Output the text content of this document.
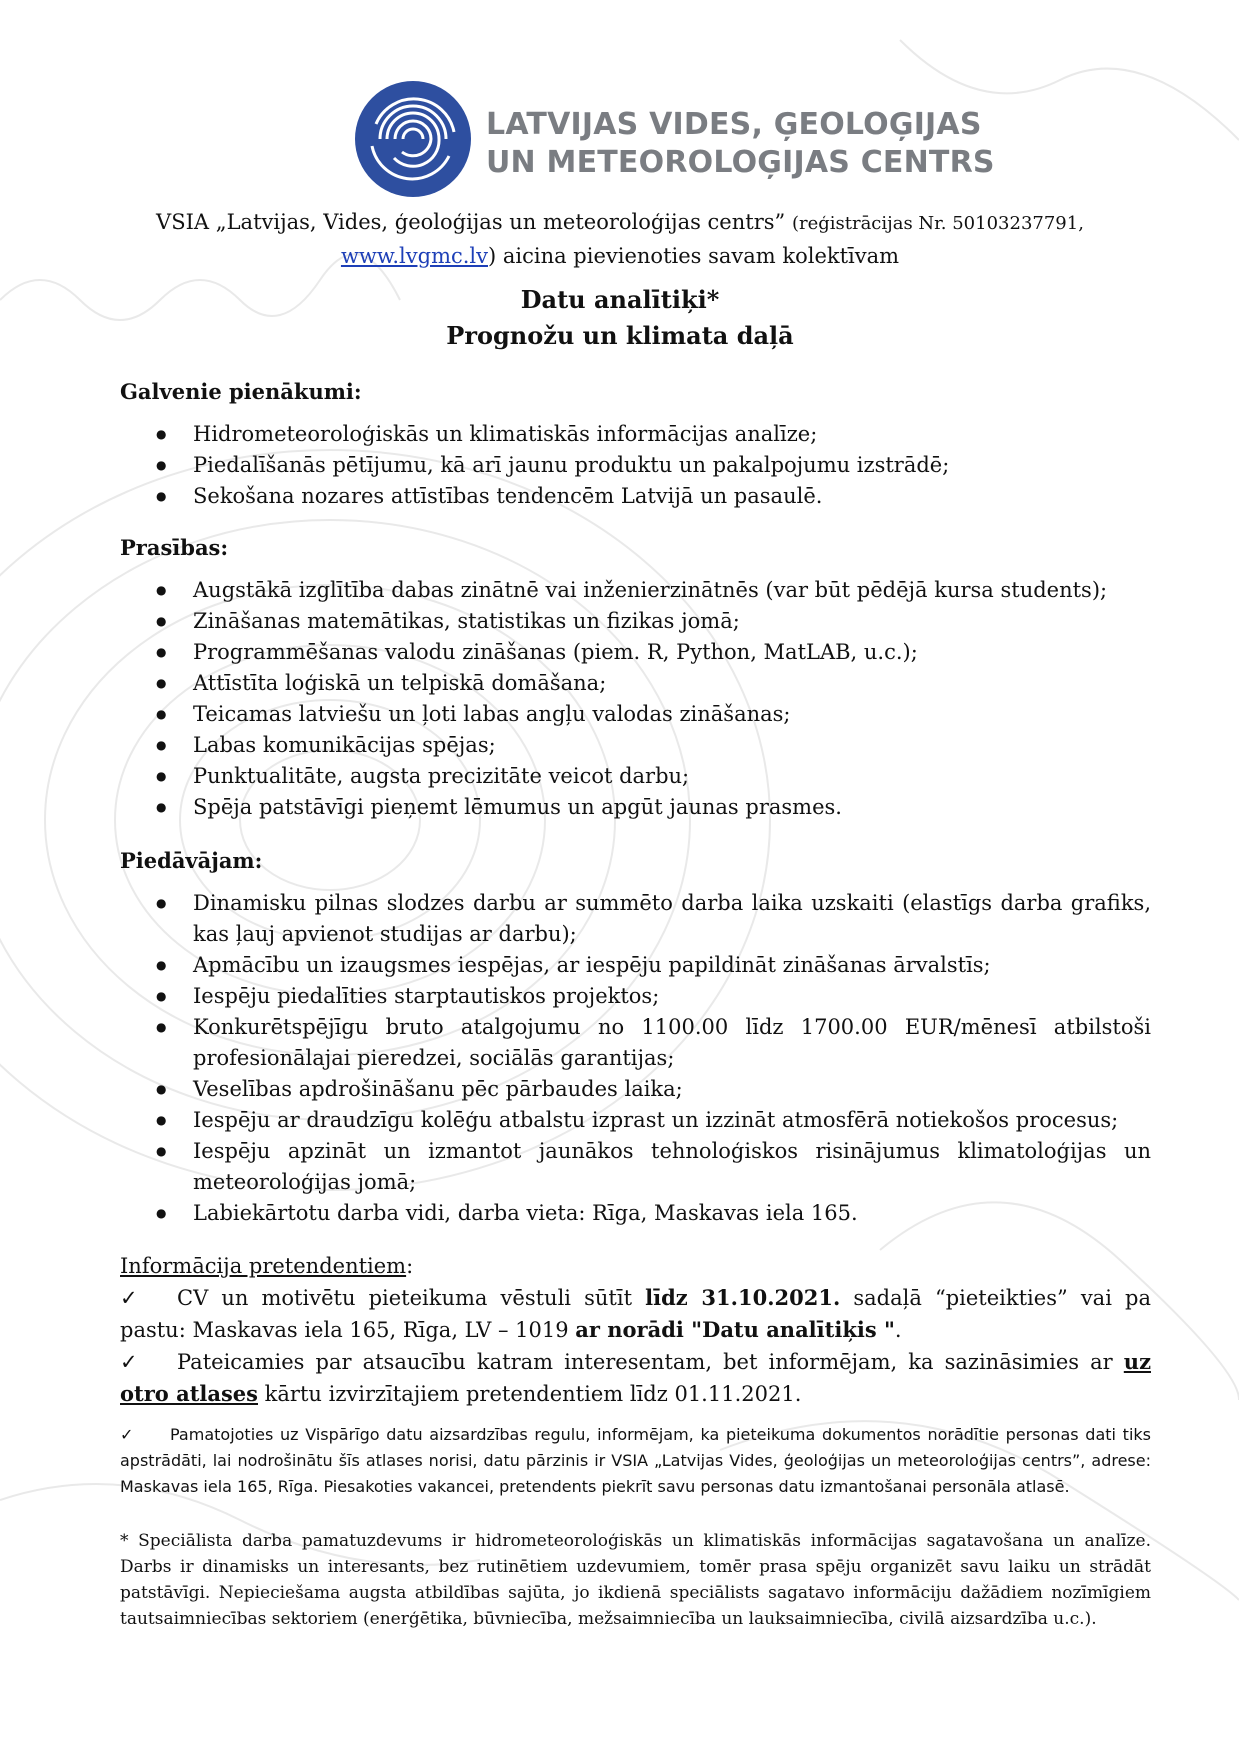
LATVIJAS VIDES, ĢEOLOĢIJAS
UN METEOROLOĢIJAS CENTRS
VSIA „Latvijas, Vides, ģeoloģijas un meteoroloģijas centrs” (reģistrācijas Nr. 50103237791,
www.lvgmc.lv) aicina pievienoties savam kolektīvam
Datu analītiķi*
Prognožu un klimata daļā
Galvenie pienākumi:
● Hidrometeoroloģiskās un klimatiskās informācijas analīze;
● Piedalīšanās pētījumu, kā arī jaunu produktu un pakalpojumu izstrādē;
● Sekošana nozares attīstības tendencēm Latvijā un pasaulē.
Prasības:
● Augstākā izglītība dabas zinātnē vai inženierzinātnēs (var būt pēdējā kursa students);
● Zināšanas matemātikas, statistikas un fizikas jomā;
● Programmēšanas valodu zināšanas (piem. R, Python, MatLAB, u.c.);
● Attīstīta loģiskā un telpiskā domāšana;
● Teicamas latviešu un ļoti labas angļu valodas zināšanas;
● Labas komunikācijas spējas;
● Punktualitāte, augsta precizitāte veicot darbu;
● Spēja patstāvīgi pieņemt lēmumus un apgūt jaunas prasmes.
Piedāvājam:
● Dinamisku pilnas slodzes darbu ar summēto darba laika uzskaiti (elastīgs darba grafiks, kas ļauj apvienot studijas ar darbu);
● Apmācību un izaugsmes iespējas, ar iespēju papildināt zināšanas ārvalstīs;
● Iespēju piedalīties starptautiskos projektos;
● Konkurētspējīgu bruto atalgojumu no 1100.00 līdz 1700.00 EUR/mēnesī atbilstoši profesionālajai pieredzei, sociālās garantijas;
● Veselības apdrošināšanu pēc pārbaudes laika;
● Iespēju ar draudzīgu kolēģu atbalstu izprast un izzināt atmosfērā notiekošos procesus;
● Iespēju apzināt un izmantot jaunākos tehnoloģiskos risinājumus klimatoloģijas un meteoroloģijas jomā;
● Labiekārtotu darba vidi, darba vieta: Rīga, Maskavas iela 165.
Informācija pretendentiem:
✓ CV un motivētu pieteikuma vēstuli sūtīt līdz 31.10.2021. sadaļā “pieteikties” vai pa pastu: Maskavas iela 165, Rīga, LV – 1019 ar norādi "Datu analītiķis ".
✓ Pateicamies par atsaucību katram interesentam, bet informējam, ka sazināsimies ar uz otro atlases kārtu izvirzītajiem pretendentiem līdz 01.11.2021.
✓ Pamatojoties uz Vispārīgo datu aizsardzības regulu, informējam, ka pieteikuma dokumentos norādītie personas dati tiks apstrādāti, lai nodrošinātu šīs atlases norisi, datu pārzinis ir VSIA „Latvijas Vides, ģeoloģijas un meteoroloģijas centrs”, adrese: Maskavas iela 165, Rīga. Piesakoties vakancei, pretendents piekrīt savu personas datu izmantošanai personāla atlasē.
* Speciālista darba pamatuzdevums ir hidrometeoroloģiskās un klimatiskās informācijas sagatavošana un analīze. Darbs ir dinamisks un interesants, bez rutinētiem uzdevumiem, tomēr prasa spēju organizēt savu laiku un strādāt patstāvīgi. Nepieciešama augsta atbildības sajūta, jo ikdienā speciālists sagatavo informāciju dažādiem nozīmīgiem tautsaimniecības sektoriem (enerģētika, būvniecība, mežsaimniecība un lauksaimniecība, civilā aizsardzība u.c.).
